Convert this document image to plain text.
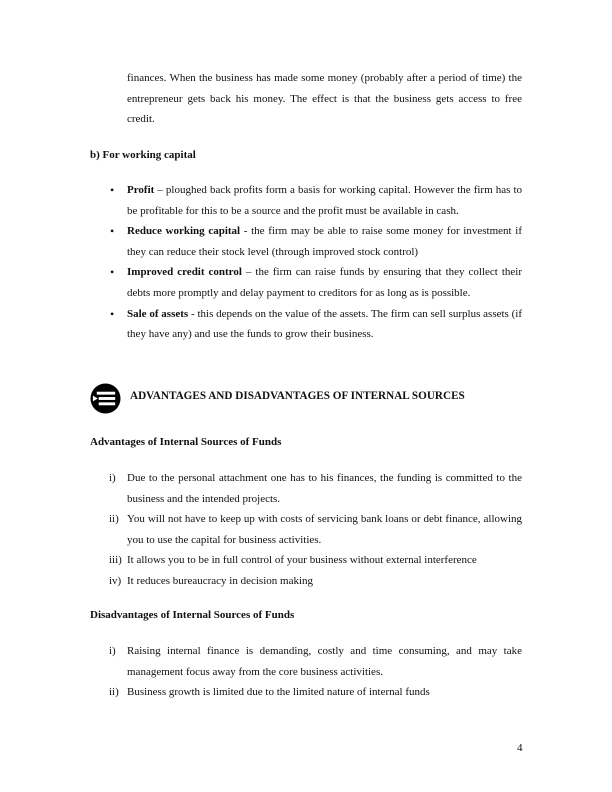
finances. When the business has made some money (probably after a period of time) the entrepreneur gets back his money. The effect is that the business gets access to free credit.
b) For working capital
• Profit – ploughed back profits form a basis for working capital. However the firm has to be profitable for this to be a source and the profit must be available in cash.
• Reduce working capital - the firm may be able to raise some money for investment if they can reduce their stock level (through improved stock control)
• Improved credit control – the firm can raise funds by ensuring that they collect their debts more promptly and delay payment to creditors for as long as is possible.
• Sale of assets - this depends on the value of the assets. The firm can sell surplus assets (if they have any) and use the funds to grow their business.
ADVANTAGES AND DISADVANTAGES OF INTERNAL SOURCES
Advantages of Internal Sources of Funds
i) Due to the personal attachment one has to his finances, the funding is committed to the business and the intended projects.
ii) You will not have to keep up with costs of servicing bank loans or debt finance, allowing you to use the capital for business activities.
iii) It allows you to be in full control of your business without external interference
iv) It reduces bureaucracy in decision making
Disadvantages of Internal Sources of Funds
i) Raising internal finance is demanding, costly and time consuming, and may take management focus away from the core business activities.
ii) Business growth is limited due to the limited nature of internal funds
4
